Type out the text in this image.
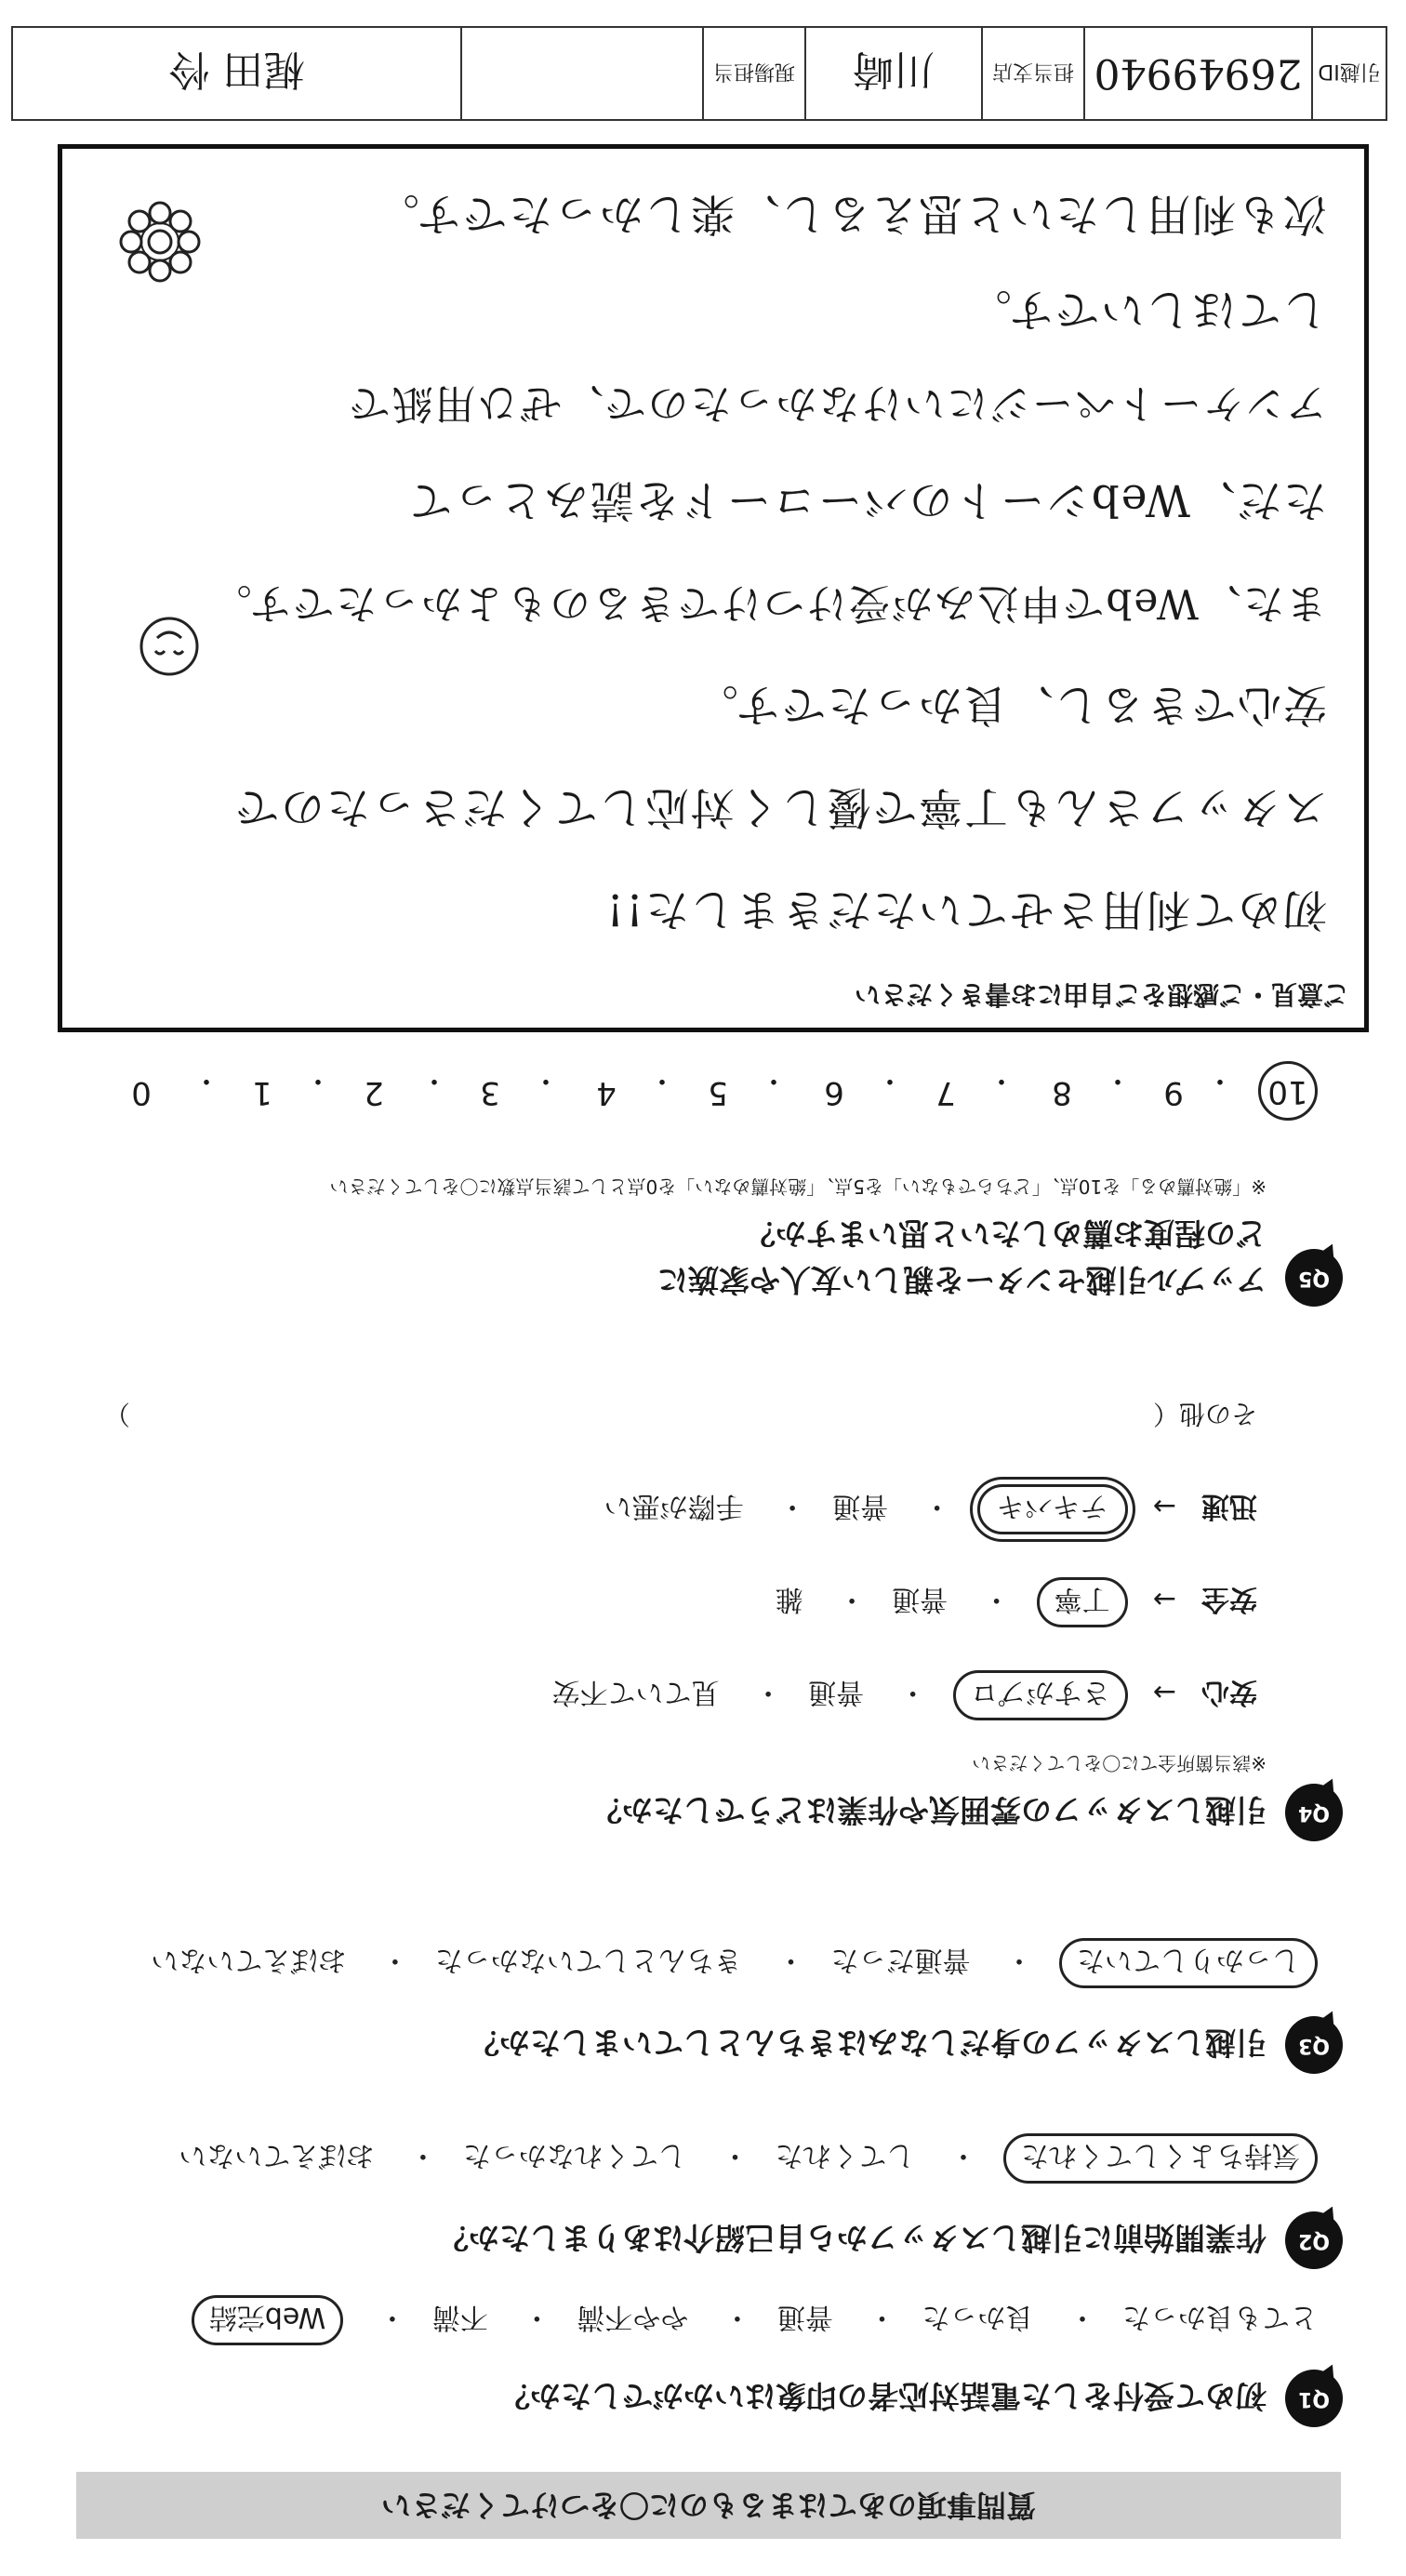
質問事項のあてはまるものに〇をつけてください
Q1
初めて受付をした電話対応者の印象はいかがでしたか？
とても良かった・ 良かった・ 普通・ やや不満・ 不満・ Web完結
Q2
作業開始前に引越しスタッフから自己紹介はありましたか？
気持ちよくしてくれた・ してくれた・ してくれなかった・ おぼえていない
Q3
引越しスタッフの身だしなみはきちんとしていましたか？
しっかりしていた・ 普通だった・ きちんとしていなかった・ おぼえていない
Q4
引越しスタッフの雰囲気や作業はどうでしたか？
※該当箇所全てに〇をしてください
安心 → さすがプロ・ 普通・ 見ていて不安
安全 → 丁寧・ 普通・ 雑
迅速 → テキパキ・ 普通・ 手際が悪い
その他（
）
Q5
アップル引越センターを親しい友人や家族に
どの程度お薦めしたいと思いますか？
※「絶対薦める」を10点、「どちらでもない」を5点、「絶対薦めない」を0点として該当点数に〇をしてください
10
・
9
・
8
・
7
・
6
・
5
・
4
・
3
・
2
・
1
・
0
ご意見・ご感想をご自由にお書きください
初めて利用させていただきました!!
スタッフさんも丁寧で優しく対応してくださったので
安心できるし、良かったです。
また、Webで申込みが受けつけできるのもよかったです。
ただ、Webシートのバーコードを読みとって
アンケートページにいけなかったので、ぜひ用紙で
してほしいです。
次も利用したいと思えるし、楽しかったです。
引越ID
26949940
担当支店
川崎
現場担当
梶田 怜
